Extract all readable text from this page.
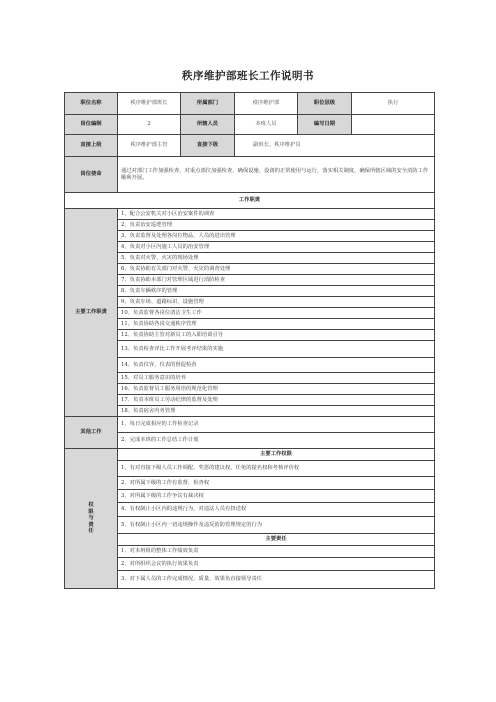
秩序维护部班长工作说明书
职位名称	秩序维护部班长	所属部门	秩序维护部	职位层级	执行
岗位编制	2	所辖人员	本班人员	编写日期	
直接上级	秩序维护部主管	直接下级	副班长、秩序维护员		
岗位使命	通过对部门工作加强检查，对重点部位加强检查，确保设施、设备的正常使用与运行，落实相关制度，确保所辖区域的安全消防工作顺利开展。				
工作职责					
主要工作职责	1、配合公安机关对小区治安案件的调查				
	2、负责治安巡逻管理				
	3、负责监督及处理各岗位物品、人员的进出管理				
	4、负责对小区内施工人员的治安管理				
	5、负责对火警、火灾的现场处理				
	6、负责协助有关部门对火警、火灾的调查处理				
	7、负责协助本部门对管理区域进行消防检查				
	8、负责车辆秩序的管理				
	9、负责车场、道路标识、设施管理				
	10、负责监督各岗位清洁卫生工作				
	11、负责协助各岗交通秩序管理				
	12、负责协助主管对新员工的入职培训引导				
	13、负责检查评比工作开展考评结果的实施				
	14、负责仪容、仪表的督促检查				
	15、对员工服务意识的培养				
	16、负责监督员工服务用语的规范化管理				
	17、负责本班员工劳动纪律的监督及处理				
	18、负责宿舍内务管理				
其他工作	1、每日完成相应的工作检查记录				
	2、完成本班的工作总结工作计划				

权
限
与
责
任	主要工作权限				
	1、有对直接下级人员工作调配、奖惩的建议权，任免的提名权和考核评价权				
	2、对所属下级的工作有监督、检查权				
	3、对所属下级的工作争议有裁决权				
	4、有权制止小区内的违规行为，对违法人员有扭送权				
	5、有权制止小区内一切违规操作及违反消防管理规定的行为				
	主要责任				
	1、对本班组的整体工作绩效负责				
	2、对所组织会议的执行效果负责				
	3、对下属人员的工作完成情况、质量、效果负直接领导责任				
